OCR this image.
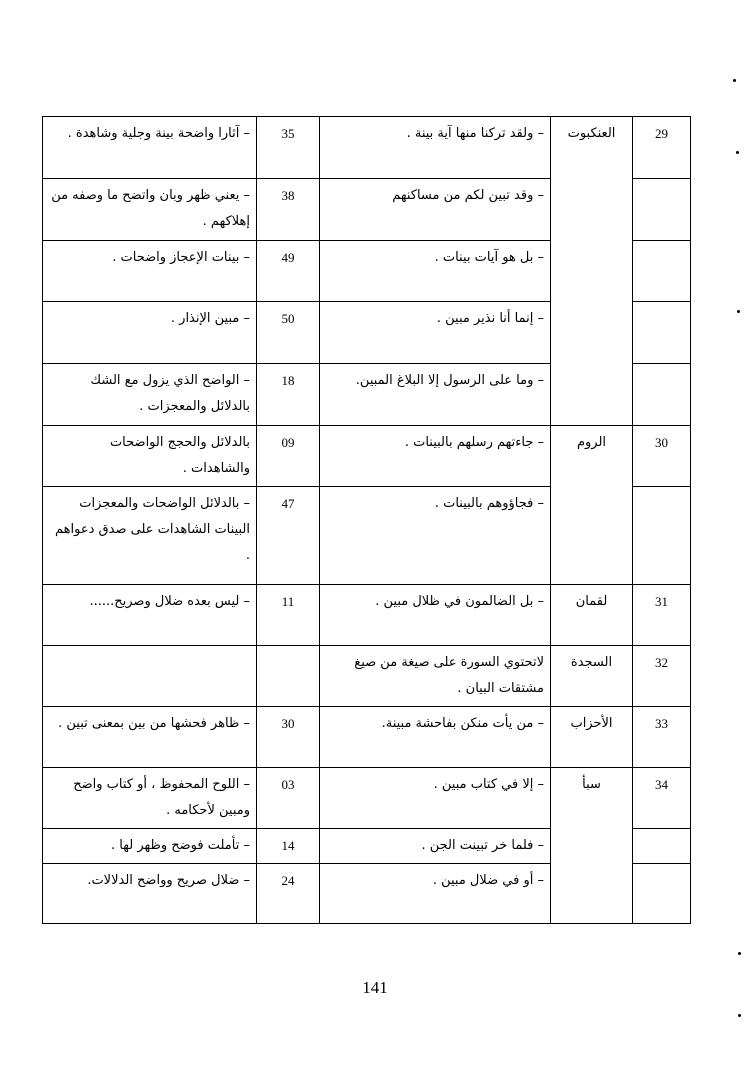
29	العنكبوت	– ولقد تركنا منها آية بينة .	35	– آثارا واضحة بينة وجلية وشاهدة .
		– وقد تبين لكم من مساكنهم	38	– يعني ظهر وبان واتضح ما وصفه من إهلاكهم .
		– بل هو آيات بينات .	49	– بينات الإعجاز واضحات .
		– إنما أنا نذير مبين .	50	– مبين الإنذار .
		– وما على الرسول إلا البلاغ المبين.	18	– الواضح الذي يزول مع الشك بالدلائل والمعجزات .
30	الروم	– جاءتهم رسلهم بالبينات .	09	بالدلائل والحجج الواضحات والشاهدات .
		– فجاؤوهم بالبينات .	47	– بالدلائل الواضحات والمعجزات البينات الشاهدات على صدق دعواهم .
31	لقمان	– بل الضالمون في ظلال مبين .	11	– ليس بعده ضلال وصريح......
32	السجدة	لاتحتوي السورة على صيغة من صيغ مشتقات البيان .		
33	الأحزاب	– من يأت منكن بفاحشة مبينة.	30	– ظاهر فحشها من بين بمعنى تبين .
34	سبأ	– إلا في كتاب مبين .	03	– اللوح المحفوظ ، أو كتاب واضح ومبين لأحكامه .
		– فلما خر تبينت الجن .	14	– تأملت فوضح وظهر لها .
		– أو في ضلال مبين .	24	– ضلال صريح وواضح الدلالات.
141
